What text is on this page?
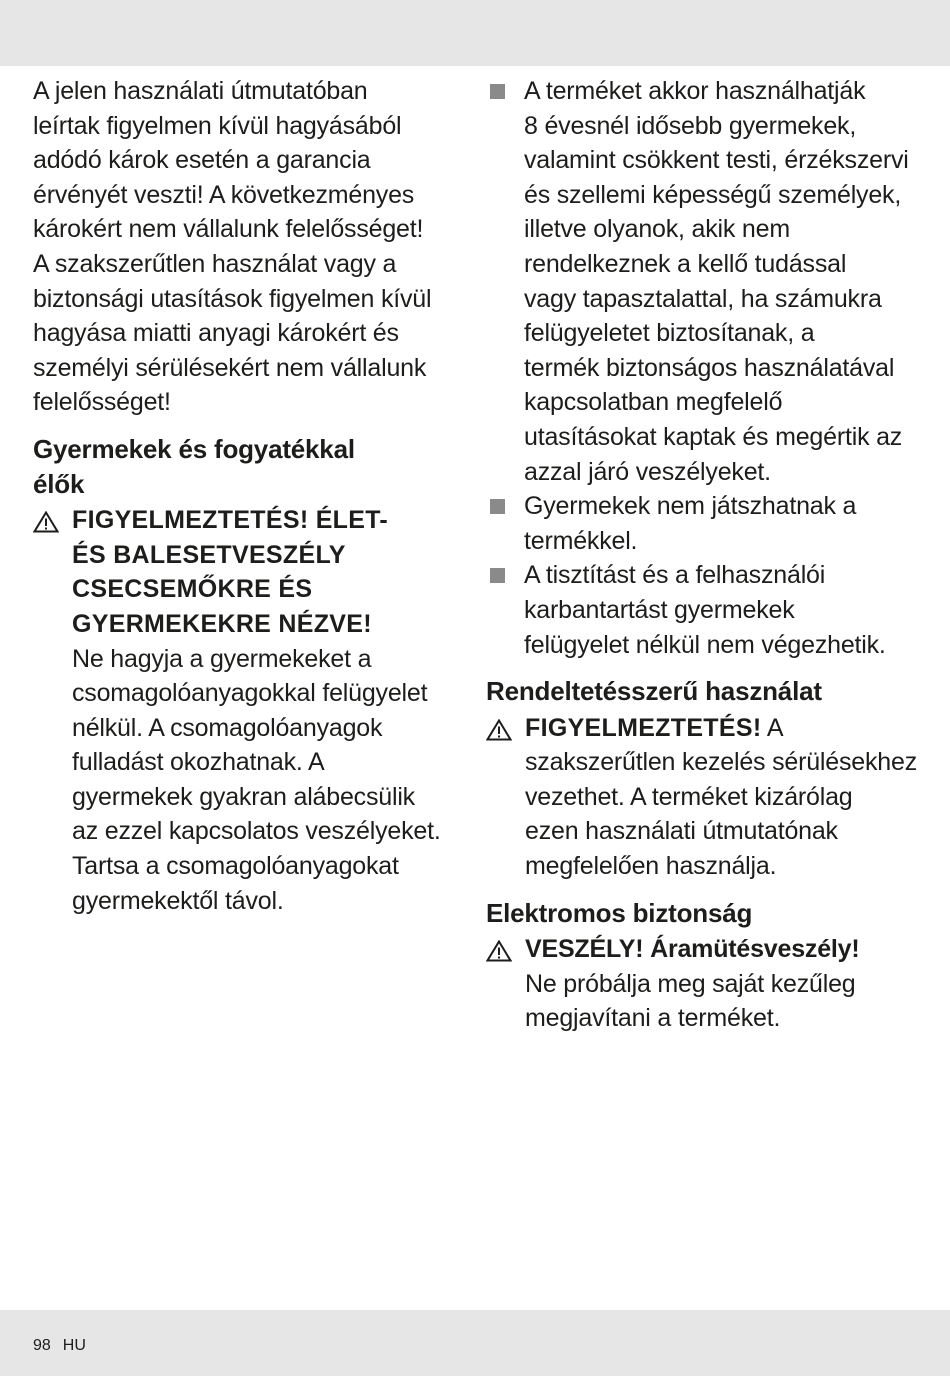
A jelen használati útmutatóban
leírtak figyelmen kívül hagyásából
adódó károk esetén a garancia
érvényét veszti! A következményes
károkért nem vállalunk felelősséget!
A szakszerűtlen használat vagy a
biztonsági utasítások figyelmen kívül
hagyása miatti anyagi károkért és
személyi sérülésekért nem vállalunk
felelősséget!

Gyermekek és fogyatékkal
élők

FIGYELMEZTETÉS! ÉLET-
ÉS BALESETVESZÉLY
CSECSEMŐKRE ÉS
GYERMEKEKRE NÉZVE!

Ne hagyja a gyermekeket a
csomagolóanyagokkal felügyelet
nélkül. A csomagolóanyagok
fulladást okozhatnak. A
gyermekek gyakran alábecsülik
az ezzel kapcsolatos veszélyeket.
Tartsa a csomagolóanyagokat
gyermekektől távol.

A terméket akkor használhatják
8 évesnél idősebb gyermekek,
valamint csökkent testi, érzékszervi
és szellemi képességű személyek,
illetve olyanok, akik nem
rendelkeznek a kellő tudással
vagy tapasztalattal, ha számukra
felügyeletet biztosítanak, a
termék biztonságos használatával
kapcsolatban megfelelő
utasításokat kaptak és megértik az
azzal járó veszélyeket.
Gyermekek nem játszhatnak a
termékkel.
A tisztítást és a felhasználói
karbantartást gyermekek
felügyelet nélkül nem végezhetik.

Rendeltetésszerű használat

FIGYELMEZTETÉS! A
szakszerűtlen kezelés sérülésekhez
vezethet. A terméket kizárólag
ezen használati útmutatónak
megfelelően használja.

Elektromos biztonság

VESZÉLY! Áramütésveszély!
Ne próbálja meg saját kezűleg
megjavítani a terméket.

98 HU
